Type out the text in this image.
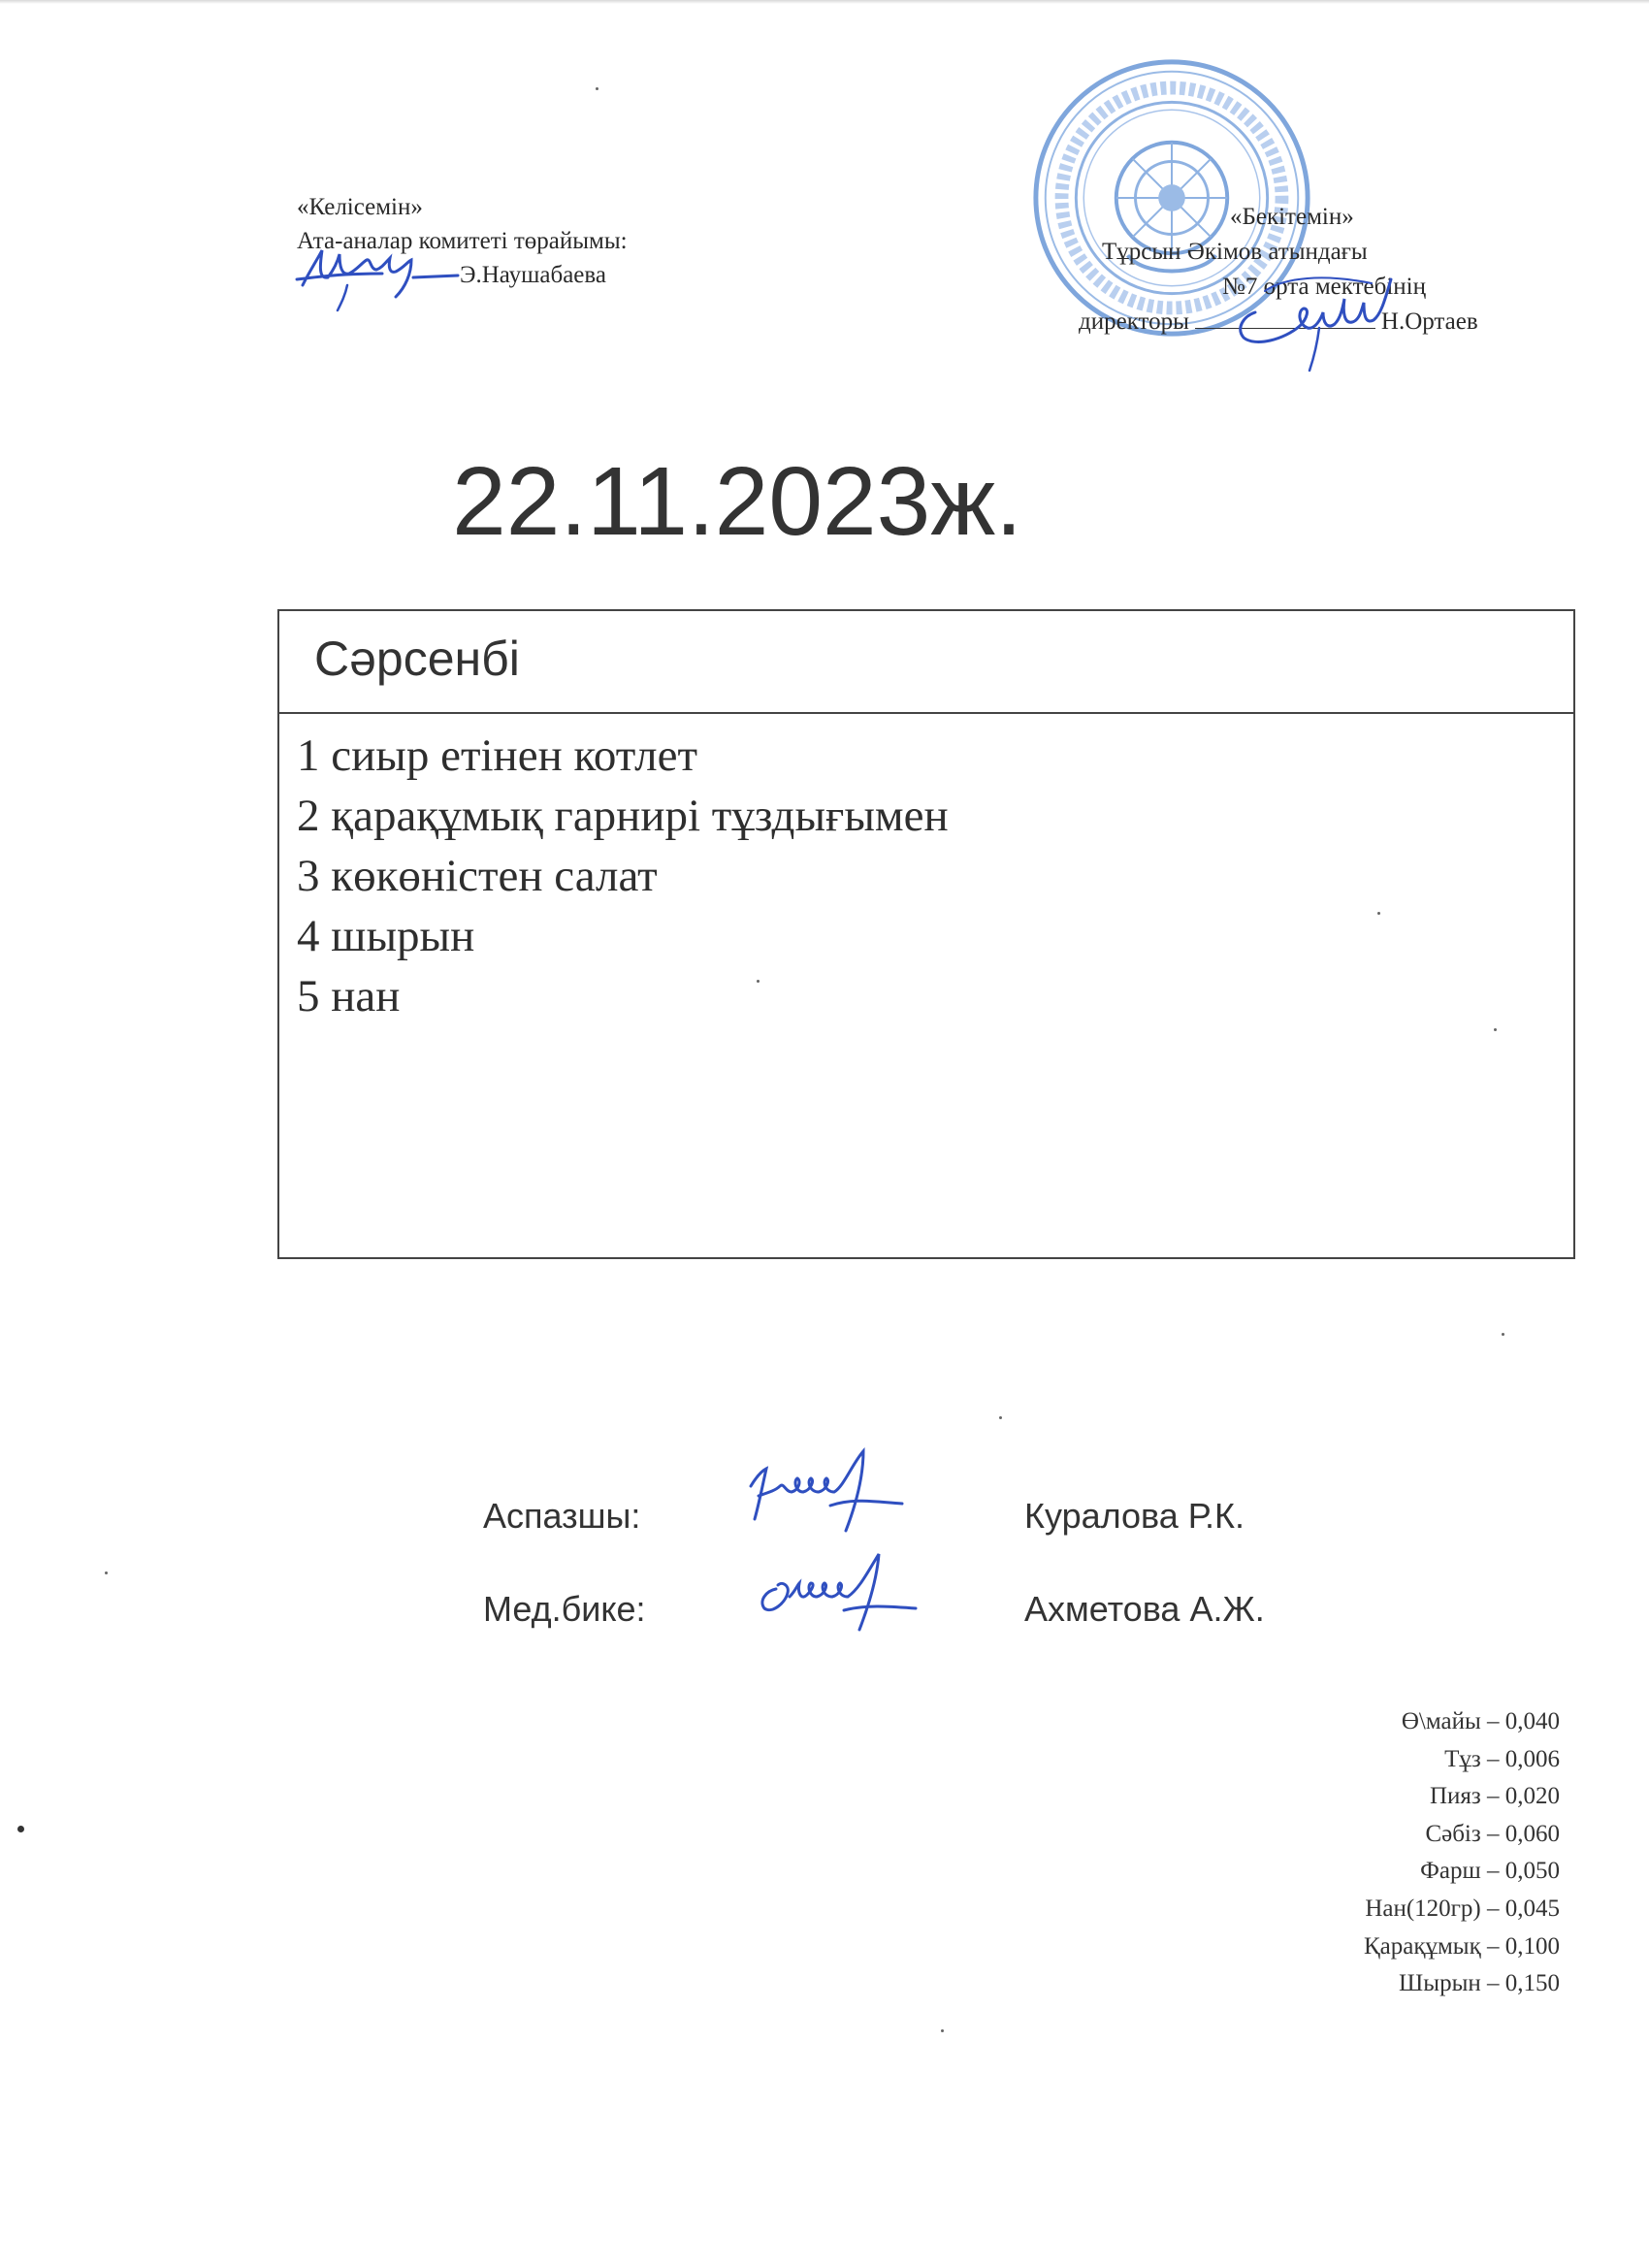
«Келісемін»
Ата-аналар комитеті төрайымы:
Э.Наушабаева
«Бекітемін»
Тұрсын Әкімов атындағы
№7 орта мектебінің
директоры	Н.Ортаев
22.11.2023ж.
Сәрсенбі
1 сиыр етінен котлет
2 қарақұмық гарнирі тұздығымен
3 көкөністен салат
4 шырын
5 нан
Аспазшы:	Куралова Р.К.
Мед.бике:	Ахметова А.Ж.
Ө\майы – 0,040
Тұз – 0,006
Пияз – 0,020
Сәбіз – 0,060
Фарш – 0,050
Нан(120гр) – 0,045
Қарақұмық – 0,100
Шырын – 0,150
